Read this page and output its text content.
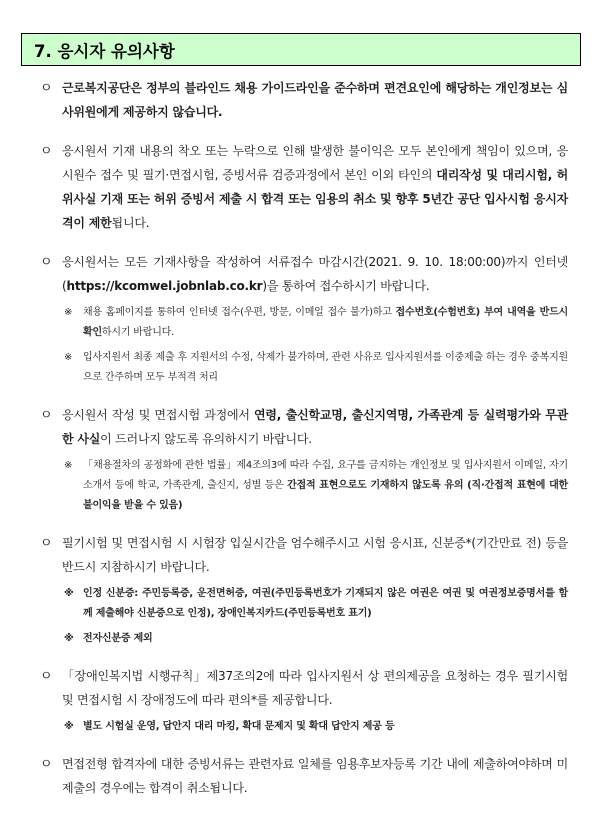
7. 응시자 유의사항
ㅇ 근로복지공단은 정부의 블라인드 채용 가이드라인을 준수하며 편견요인에 해당하는 개인정보는 심사위원에게 제공하지 않습니다.
ㅇ 응시원서 기재 내용의 착오 또는 누락으로 인해 발생한 불이익은 모두 본인에게 책임이 있으며, 응시원수 접수 및 필기·면접시험, 증빙서류 검증과정에서 본인 이외 타인의 대리작성 및 대리시험, 허위사실 기재 또는 허위 증빙서 제출 시 합격 또는 임용의 취소 및 향후 5년간 공단 입사시험 응시자격이 제한됩니다.
ㅇ 응시원서는 모든 기재사항을 작성하여 서류접수 마감시간(2021. 9. 10. 18:00:00)까지 인터넷(https://kcomwel.jobnlab.co.kr)을 통하여 접수하시기 바랍니다.
※ 채용 홈페이지를 통하여 인터넷 접수(우편, 방문, 이메일 접수 불가)하고 접수번호(수험번호) 부여 내역을 반드시 확인하시기 바랍니다.
※ 입사지원서 최종 제출 후 지원서의 수정, 삭제가 불가하며, 관련 사유로 입사지원서를 이중제출 하는 경우 중복지원으로 간주하며 모두 부적격 처리
ㅇ 응시원서 작성 및 면접시험 과정에서 연령, 출신학교명, 출신지역명, 가족관계 등 실력평가와 무관한 사실이 드러나지 않도록 유의하시기 바랍니다.
※ 「채용절차의 공정화에 관한 법률」제4조의3에 따라 수집, 요구를 금지하는 개인정보 및 입사지원서 이메일, 자기소개서 등에 학교, 가족관계, 출신지, 성별 등은 간접적 표현으로도 기재하지 않도록 유의 (직·간접적 표현에 대한 불이익을 받을 수 있음)
ㅇ 필기시험 및 면접시험 시 시험장 입실시간을 엄수해주시고 시험 응시표, 신분증*(기간만료 전) 등을 반드시 지참하시기 바랍니다.
※ 인정 신분증: 주민등록증, 운전면허증, 여권(주민등록번호가 기재되지 않은 여권은 여권 및 여권정보증명서를 함께 제출해야 신분증으로 인정), 장애인복지카드(주민등록번호 표기)
※ 전자신분증 제외
ㅇ 「장애인복지법 시행규칙」제37조의2에 따라 입사지원서 상 편의제공을 요청하는 경우 필기시험 및 면접시험 시 장애정도에 따라 편의*를 제공합니다.
※ 별도 시험실 운영, 답안지 대리 마킹, 확대 문제지 및 확대 답안지 제공 등
ㅇ 면접전형 합격자에 대한 증빙서류는 관련자료 일체를 임용후보자등록 기간 내에 제출하여야하며 미제출의 경우에는 합격이 취소됩니다.
